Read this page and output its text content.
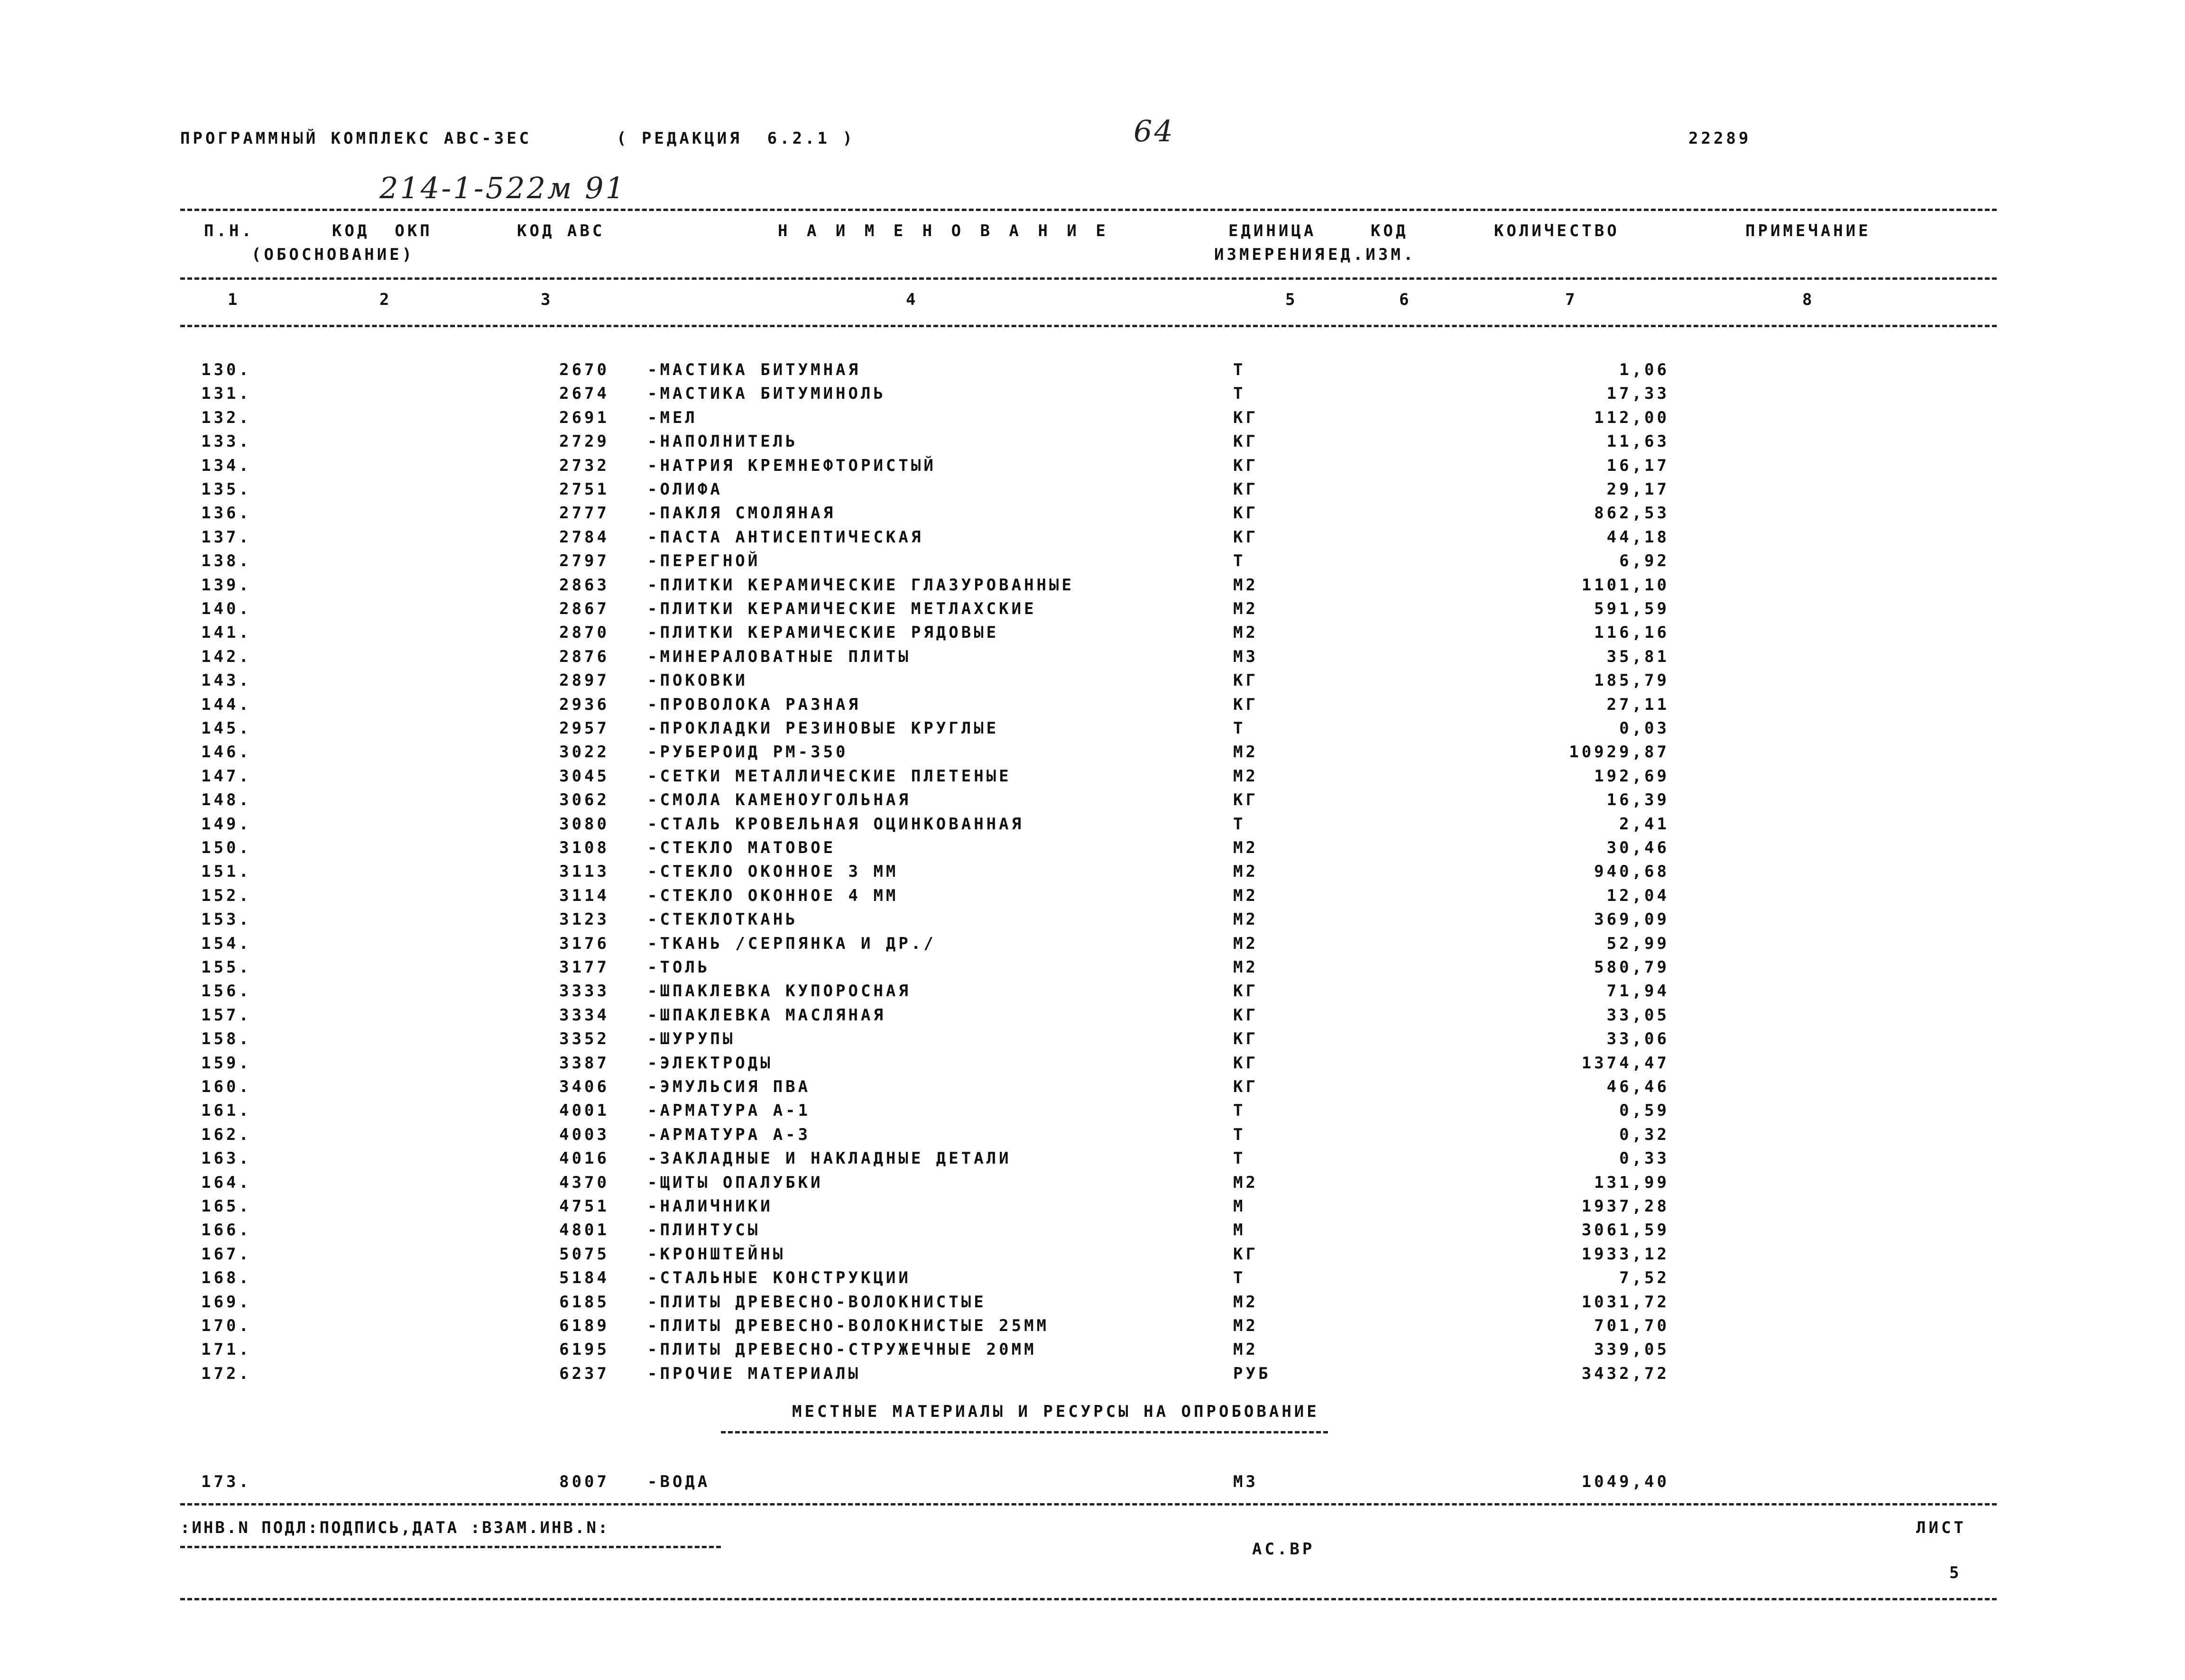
ПРОГРАММНЫЙ КОМПЛЕКС АВС-3ЕС	( РЕДАКЦИЯ  6.2.1 )	64	22289
214-1-522м 91
П.Н.	КОД  ОКП
(ОБОСНОВАНИЕ)
КОД АВС	Н А И М Е Н О В А Н И Е	ЕДИНИЦА
ИЗМЕРЕНИЯ
КОД
ЕД.ИЗМ.
КОЛИЧЕСТВО	ПРИМЕЧАНИЕ
1	2	3	4	5	6	7	8
130.	2670 -МАСТИКА БИТУМНАЯ	Т	1,06
131.	2674 -МАСТИКА БИТУМИНОЛЬ	Т	17,33
132.	2691 -МЕЛ	КГ	112,00
133.	2729 -НАПОЛНИТЕЛЬ	КГ	11,63
134.	2732 -НАТРИЯ КРЕМНЕФТОРИСТЫЙ	КГ	16,17
135.	2751 -ОЛИФА	КГ	29,17
136.	2777 -ПАКЛЯ СМОЛЯНАЯ	КГ	862,53
137.	2784 -ПАСТА АНТИСЕПТИЧЕСКАЯ	КГ	44,18
138.	2797 -ПЕРЕГНОЙ	Т	6,92
139.	2863 -ПЛИТКИ КЕРАМИЧЕСКИЕ ГЛАЗУРОВАННЫЕ	М2	1101,10
140.	2867 -ПЛИТКИ КЕРАМИЧЕСКИЕ МЕТЛАХСКИЕ	М2	591,59
141.	2870 -ПЛИТКИ КЕРАМИЧЕСКИЕ РЯДОВЫЕ	М2	116,16
142.	2876 -МИНЕРАЛОВАТНЫЕ ПЛИТЫ	М3	35,81
143.	2897 -ПОКОВКИ	КГ	185,79
144.	2936 -ПРОВОЛОКА РАЗНАЯ	КГ	27,11
145.	2957 -ПРОКЛАДКИ РЕЗИНОВЫЕ КРУГЛЫЕ	Т	0,03
146.	3022 -РУБЕРОИД РМ-350	М2	10929,87
147.	3045 -СЕТКИ МЕТАЛЛИЧЕСКИЕ ПЛЕТЕНЫЕ	М2	192,69
148.	3062 -СМОЛА КАМЕНОУГОЛЬНАЯ	КГ	16,39
149.	3080 -СТАЛЬ КРОВЕЛЬНАЯ ОЦИНКОВАННАЯ	Т	2,41
150.	3108 -СТЕКЛО МАТОВОЕ	М2	30,46
151.	3113 -СТЕКЛО ОКОННОЕ 3 ММ	М2	940,68
152.	3114 -СТЕКЛО ОКОННОЕ 4 ММ	М2	12,04
153.	3123 -СТЕКЛОТКАНЬ	М2	369,09
154.	3176 -ТКАНЬ /СЕРПЯНКА И ДР./	М2	52,99
155.	3177 -ТОЛЬ	М2	580,79
156.	3333 -ШПАКЛЕВКА КУПОРОСНАЯ	КГ	71,94
157.	3334 -ШПАКЛЕВКА МАСЛЯНАЯ	КГ	33,05
158.	3352 -ШУРУПЫ	КГ	33,06
159.	3387 -ЭЛЕКТРОДЫ	КГ	1374,47
160.	3406 -ЭМУЛЬСИЯ ПВА	КГ	46,46
161.	4001 -АРМАТУРА А-1	Т	0,59
162.	4003 -АРМАТУРА А-3	Т	0,32
163.	4016 -ЗАКЛАДНЫЕ И НАКЛАДНЫЕ ДЕТАЛИ	Т	0,33
164.	4370 -ЩИТЫ ОПАЛУБКИ	М2	131,99
165.	4751 -НАЛИЧНИКИ	М	1937,28
166.	4801 -ПЛИНТУСЫ	М	3061,59
167.	5075 -КРОНШТЕЙНЫ	КГ	1933,12
168.	5184 -СТАЛЬНЫЕ КОНСТРУКЦИИ	Т	7,52
169.	6185 -ПЛИТЫ ДРЕВЕСНО-ВОЛОКНИСТЫЕ	М2	1031,72
170.	6189 -ПЛИТЫ ДРЕВЕСНО-ВОЛОКНИСТЫЕ 25ММ	М2	701,70
171.	6195 -ПЛИТЫ ДРЕВЕСНО-СТРУЖЕЧНЫЕ 20ММ	М2	339,05
172.	6237 -ПРОЧИЕ МАТЕРИАЛЫ	РУБ	3432,72
МЕСТНЫЕ МАТЕРИАЛЫ И РЕСУРСЫ НА ОПРОБОВАНИЕ
173.	8007 -ВОДА	М3	1049,40
:ИНВ.N ПОДЛ:ПОДПИСЬ,ДАТА :ВЗАМ.ИНВ.N:
АС.ВР
ЛИСТ
5
